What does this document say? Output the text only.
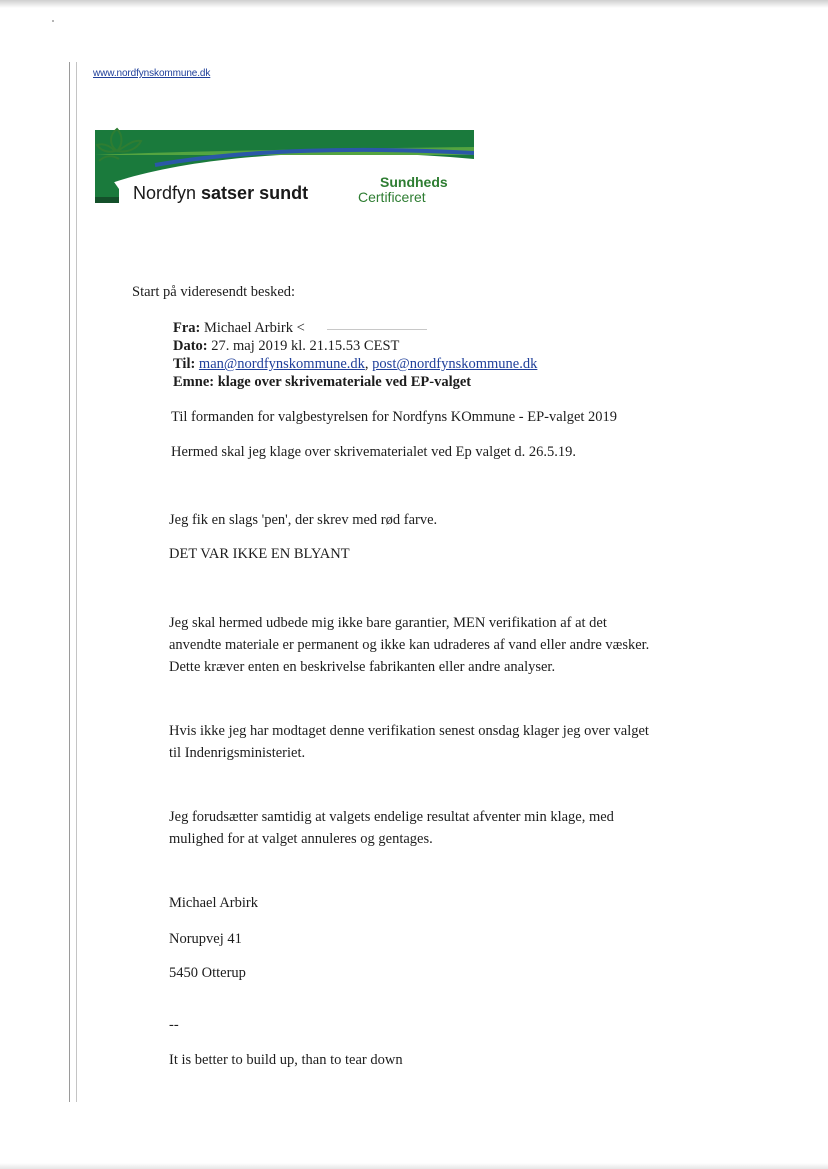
www.nordfynskommune.dk
Nordfyn satser sundt
Sundheds
Certificeret
Start på videresendt besked:
Fra: Michael Arbirk <
Dato: 27. maj 2019 kl. 21.15.53 CEST
Til: man@nordfynskommune.dk, post@nordfynskommune.dk
Emne: klage over skrivemateriale ved EP-valget
Til formanden for valgbestyrelsen for Nordfyns KOmmune - EP-valget 2019
Hermed skal jeg klage over skrivematerialet ved Ep valget d. 26.5.19.
Jeg fik en slags 'pen', der skrev med rød farve.
DET VAR IKKE EN BLYANT
Jeg skal hermed udbede mig ikke bare garantier, MEN verifikation af at det anvendte materiale er permanent og ikke kan udraderes af vand eller andre væsker. Dette kræver enten en beskrivelse fabrikanten eller andre analyser.
Hvis ikke jeg har modtaget denne verifikation senest onsdag klager jeg over valget til Indenrigsministeriet.
Jeg forudsætter samtidig at valgets endelige resultat afventer min klage, med mulighed for at valget annuleres og gentages.
Michael Arbirk
Norupvej 41
5450 Otterup
--
It is better to build up, than to tear down
